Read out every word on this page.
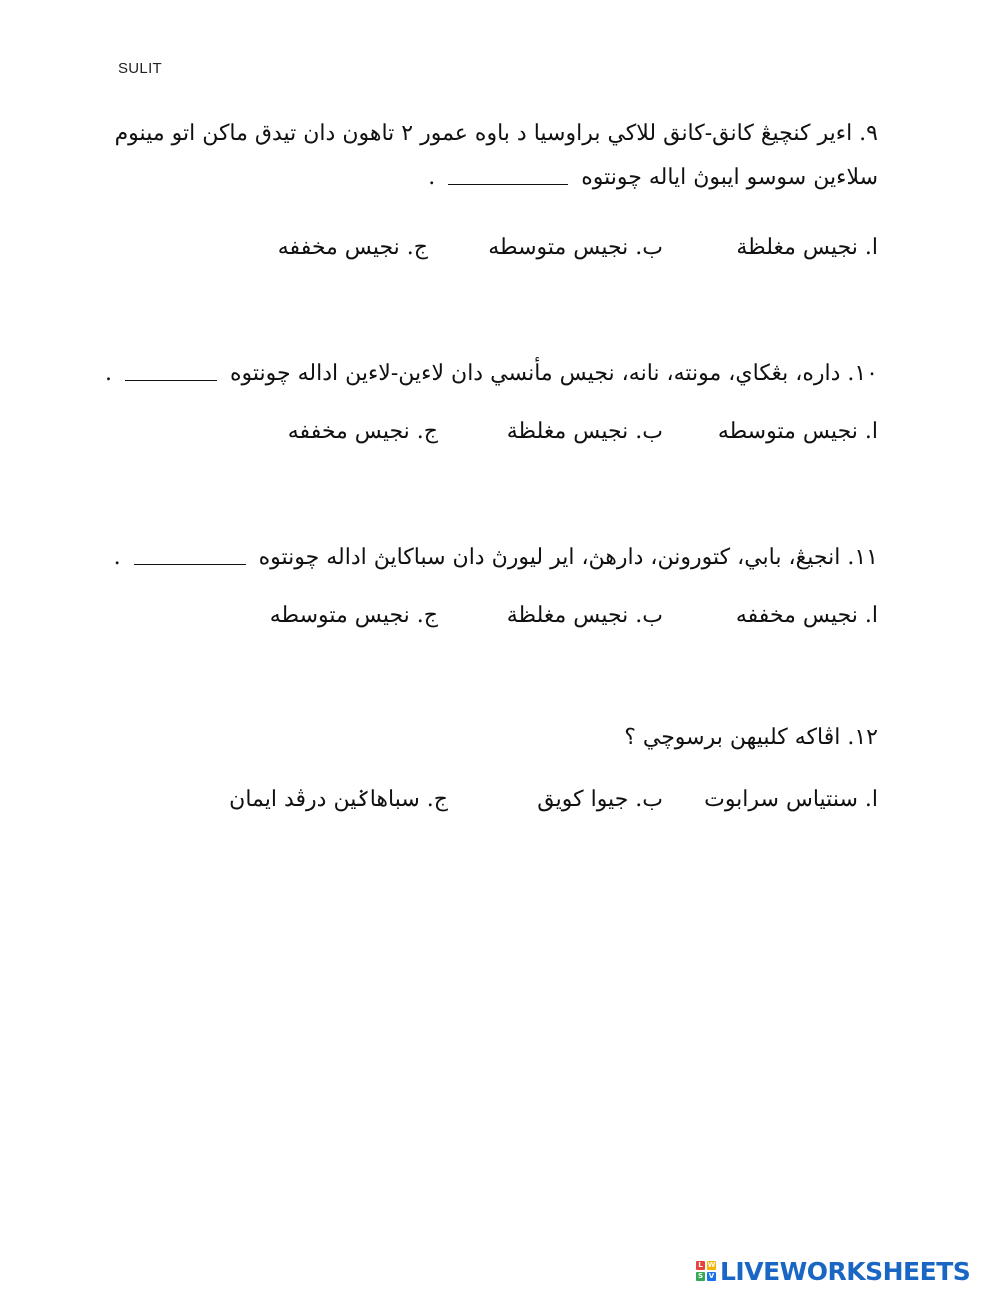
SULIT
٩. اءير كنچيڠ كانق-كانق للاكي براوسيا د باوه عمور ٢ تاهون دان تيدق ماكن اتو مينوم
سلاءين سوسو ايبوڽ اياله چونتوه  .
ا. نجيس مغلظة
ب. نجيس متوسطه
ج. نجيس مخففه
١٠. داره، بڠكاي، مونته، نانه، نجيس مأنسي دان لاءين-لاءين اداله چونتوه  .
ا. نجيس متوسطه
ب. نجيس مغلظة
ج. نجيس مخففه
١١. انجيڠ، بابي، كتورونن، دارهڽ، اير ليورڽ دان سباكايڽ اداله چونتوه  .
ا. نجيس مخففه
ب. نجيس مغلظة
ج. نجيس متوسطه
١٢. اڤاكه كلبيهن برسوچي ؟
ا. سنتياس سرابوت
ب. جيوا كويق
ج. سباهاݢين درڤد ايمان
L W
S V LIVEWORKSHEETS
